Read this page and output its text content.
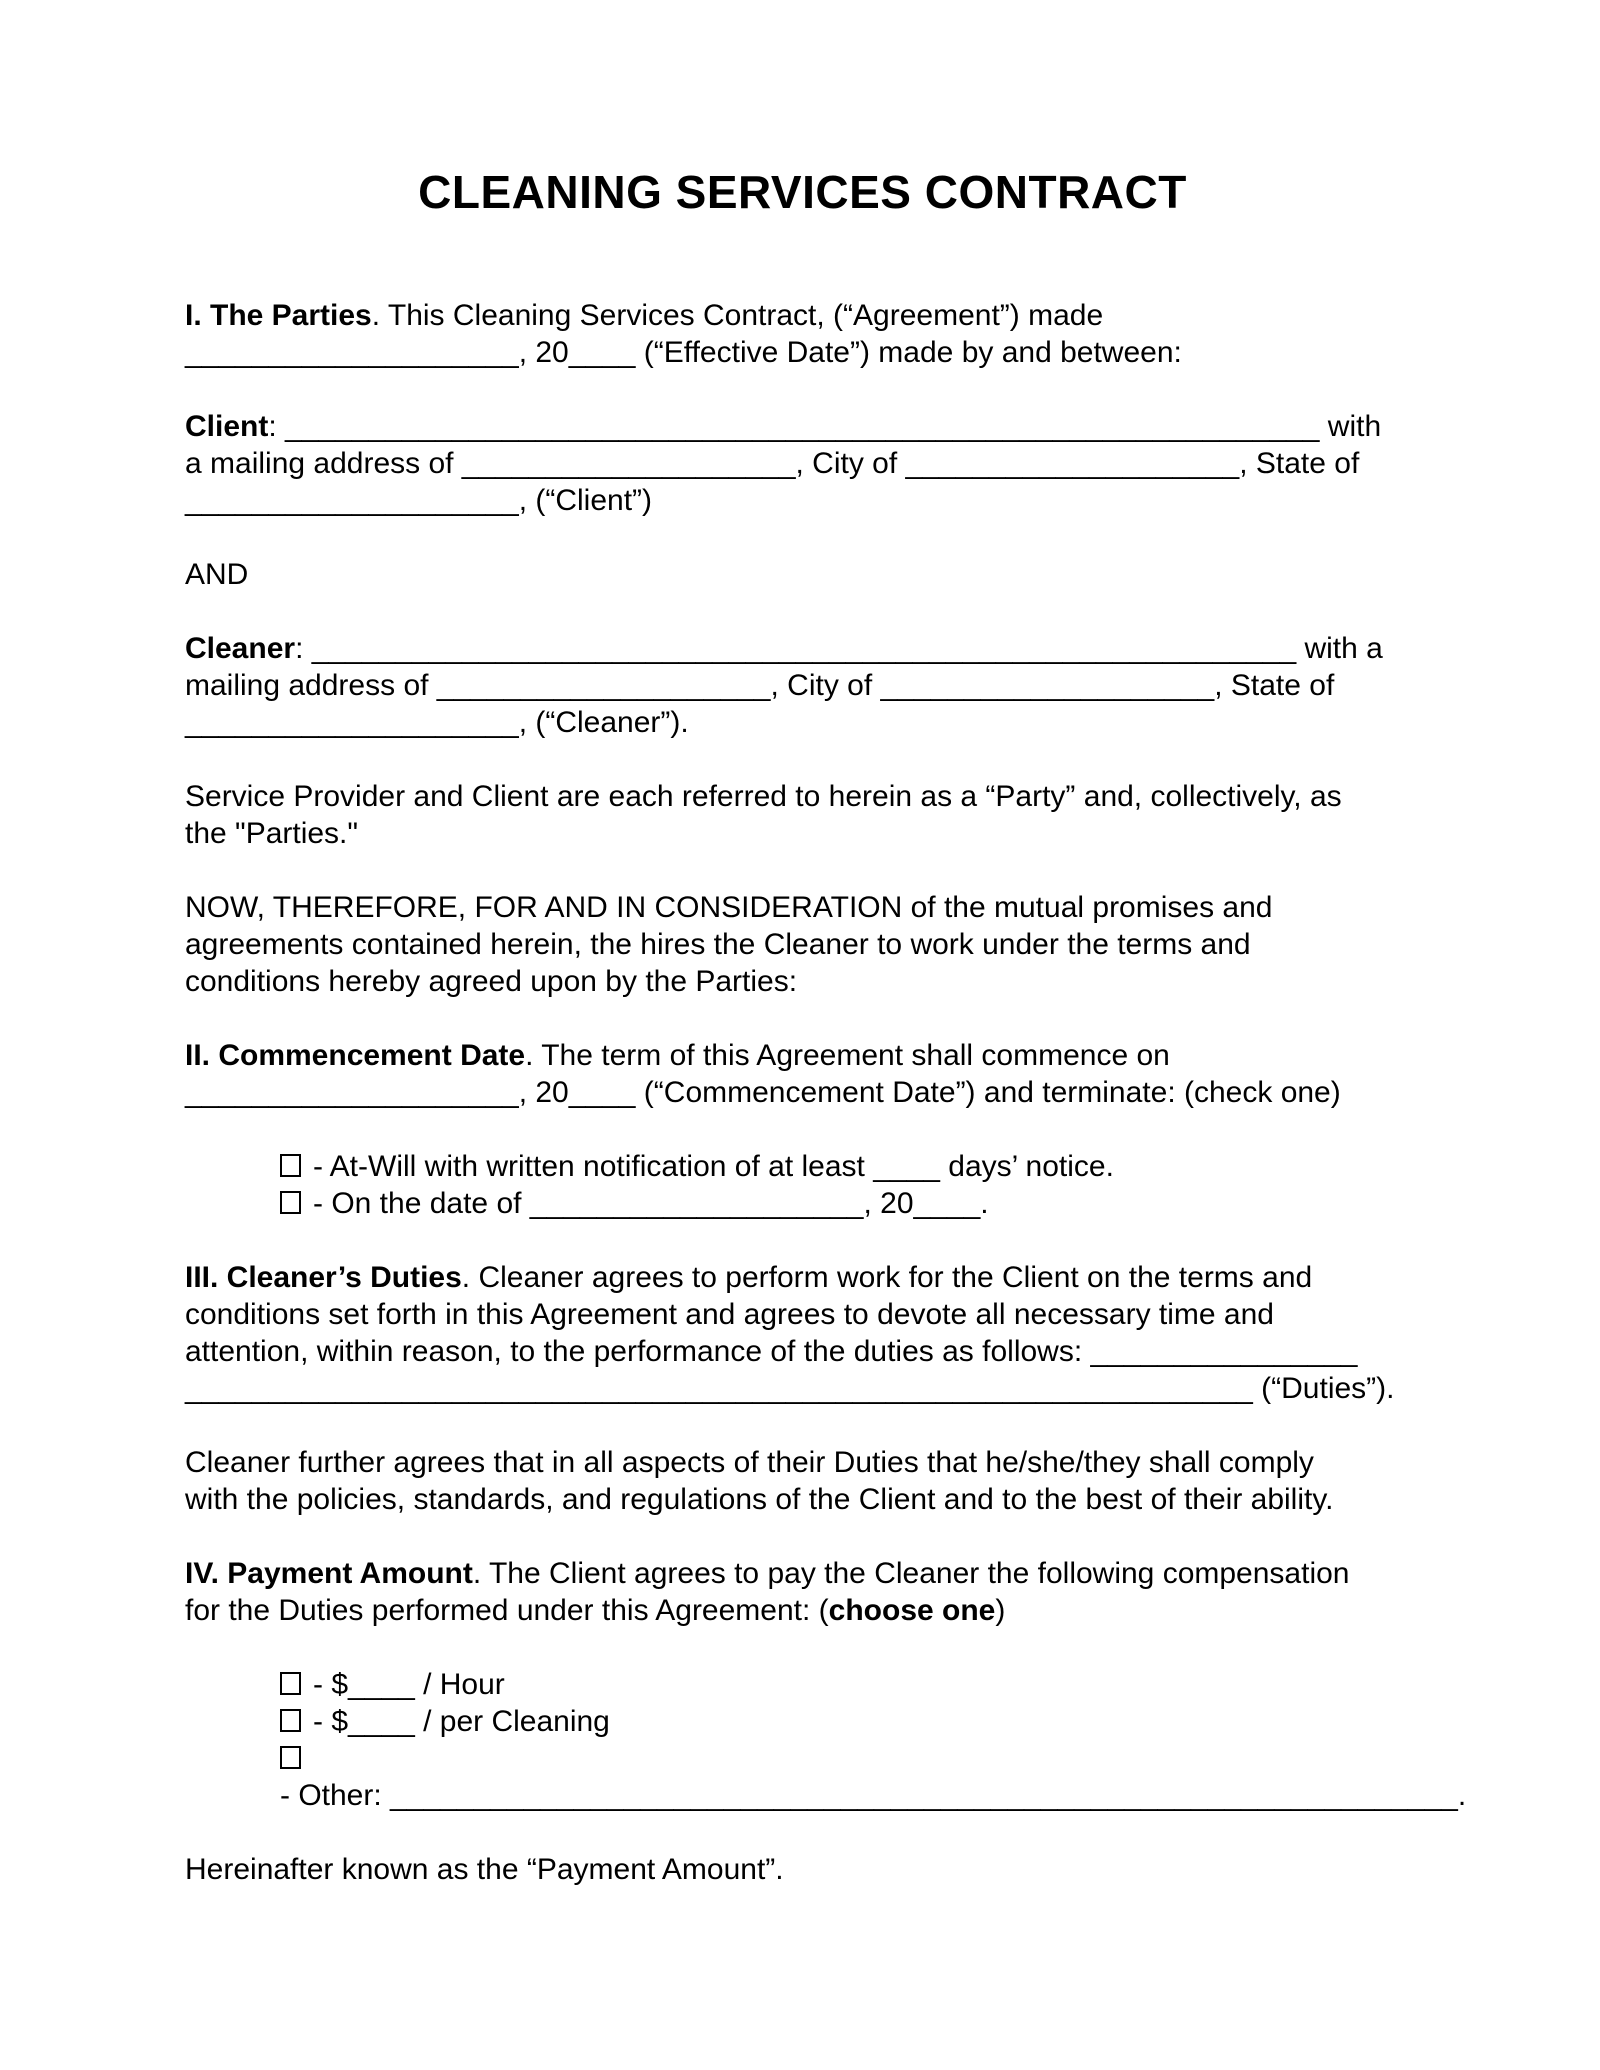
CLEANING SERVICES CONTRACT

I. The Parties. This Cleaning Services Contract, (“Agreement”) made
____________________, 20____ (“Effective Date”) made by and between:

Client: ______________________________________________________________ with
a mailing address of ____________________, City of ____________________, State of
____________________, (“Client”)

AND

Cleaner: ___________________________________________________________ with a
mailing address of ____________________, City of ____________________, State of
____________________, (“Cleaner”).

Service Provider and Client are each referred to herein as a “Party” and, collectively, as
the "Parties."

NOW, THEREFORE, FOR AND IN CONSIDERATION of the mutual promises and
agreements contained herein, the hires the Cleaner to work under the terms and
conditions hereby agreed upon by the Parties:

II. Commencement Date. The term of this Agreement shall commence on
____________________, 20____ (“Commencement Date”) and terminate: (check one)

- At-Will with written notification of at least ____ days’ notice.
- On the date of ____________________, 20____.

III. Cleaner’s Duties. Cleaner agrees to perform work for the Client on the terms and
conditions set forth in this Agreement and agrees to devote all necessary time and
attention, within reason, to the performance of the duties as follows: ________________
________________________________________________________________ (“Duties”).

Cleaner further agrees that in all aspects of their Duties that he/she/they shall comply
with the policies, standards, and regulations of the Client and to the best of their ability.

IV. Payment Amount. The Client agrees to pay the Cleaner the following compensation
for the Duties performed under this Agreement: (choose one)

- $____ / Hour
- $____ / per Cleaning
- Other: ________________________________________________________________.

Hereinafter known as the “Payment Amount”.
